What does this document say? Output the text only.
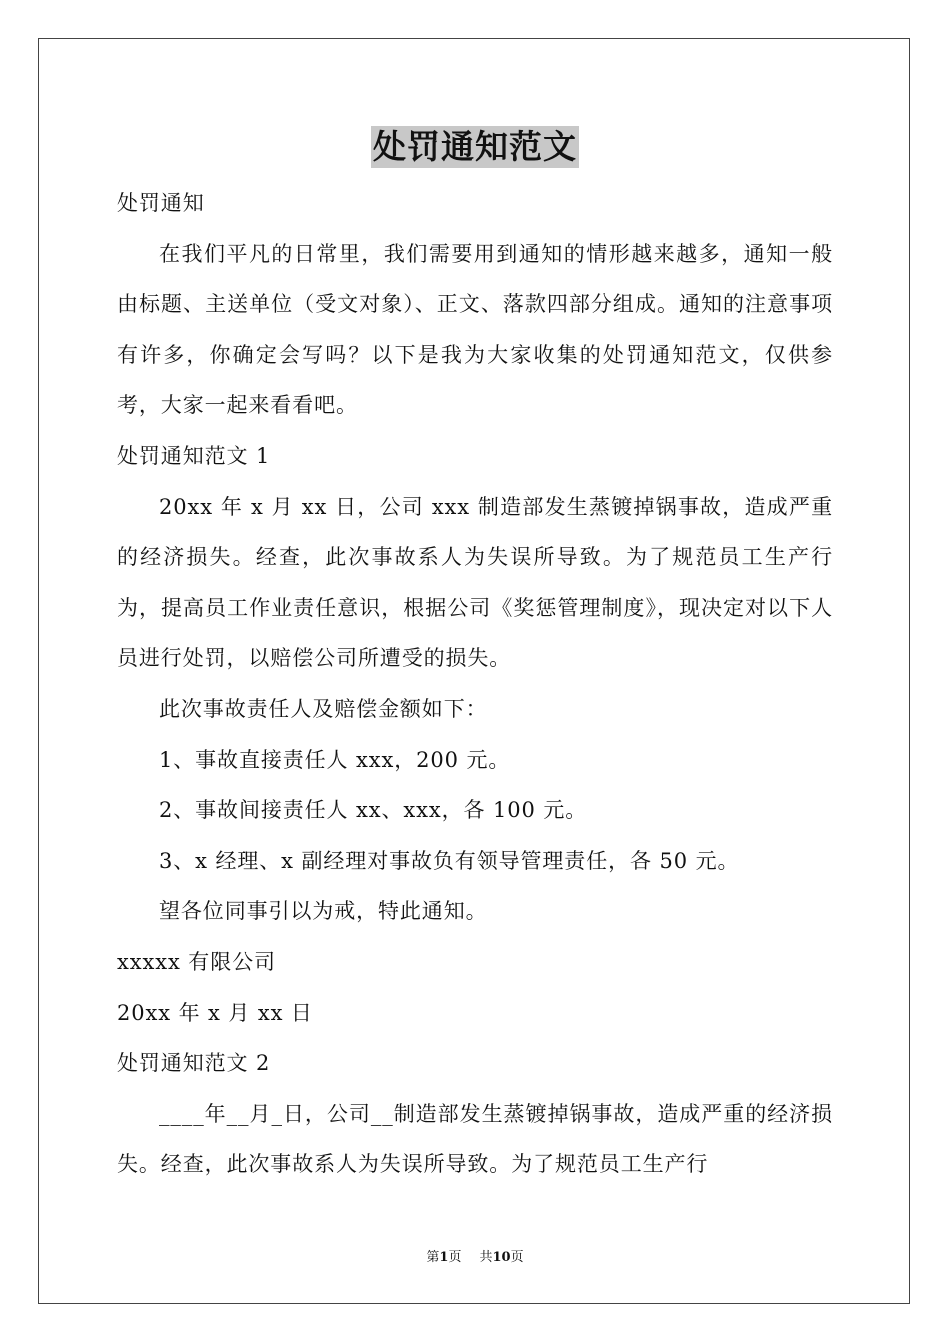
处罚通知范文

处罚通知

在我们平凡的日常里，我们需要用到通知的情形越来越多，通知一般由标题、主送单位（受文对象）、正文、落款四部分组成。通知的注意事项有许多，你确定会写吗？以下是我为大家收集的处罚通知范文，仅供参考，大家一起来看看吧。

处罚通知范文 1

20xx 年 x 月 xx 日，公司 xxx 制造部发生蒸镀掉锅事故，造成严重的经济损失。经查，此次事故系人为失误所导致。为了规范员工生产行为，提高员工作业责任意识，根据公司《奖惩管理制度》，现决定对以下人员进行处罚，以赔偿公司所遭受的损失。

此次事故责任人及赔偿金额如下：

1、事故直接责任人 xxx，200 元。

2、事故间接责任人 xx、xxx，各 100 元。

3、x 经理、x 副经理对事故负有领导管理责任，各 50 元。

望各位同事引以为戒，特此通知。

xxxxx 有限公司

20xx 年 x 月 xx 日

处罚通知范文 2

____年__月_日，公司__制造部发生蒸镀掉锅事故，造成严重的经济损失。经查，此次事故系人为失误所导致。为了规范员工生产行

第1页 共10页
